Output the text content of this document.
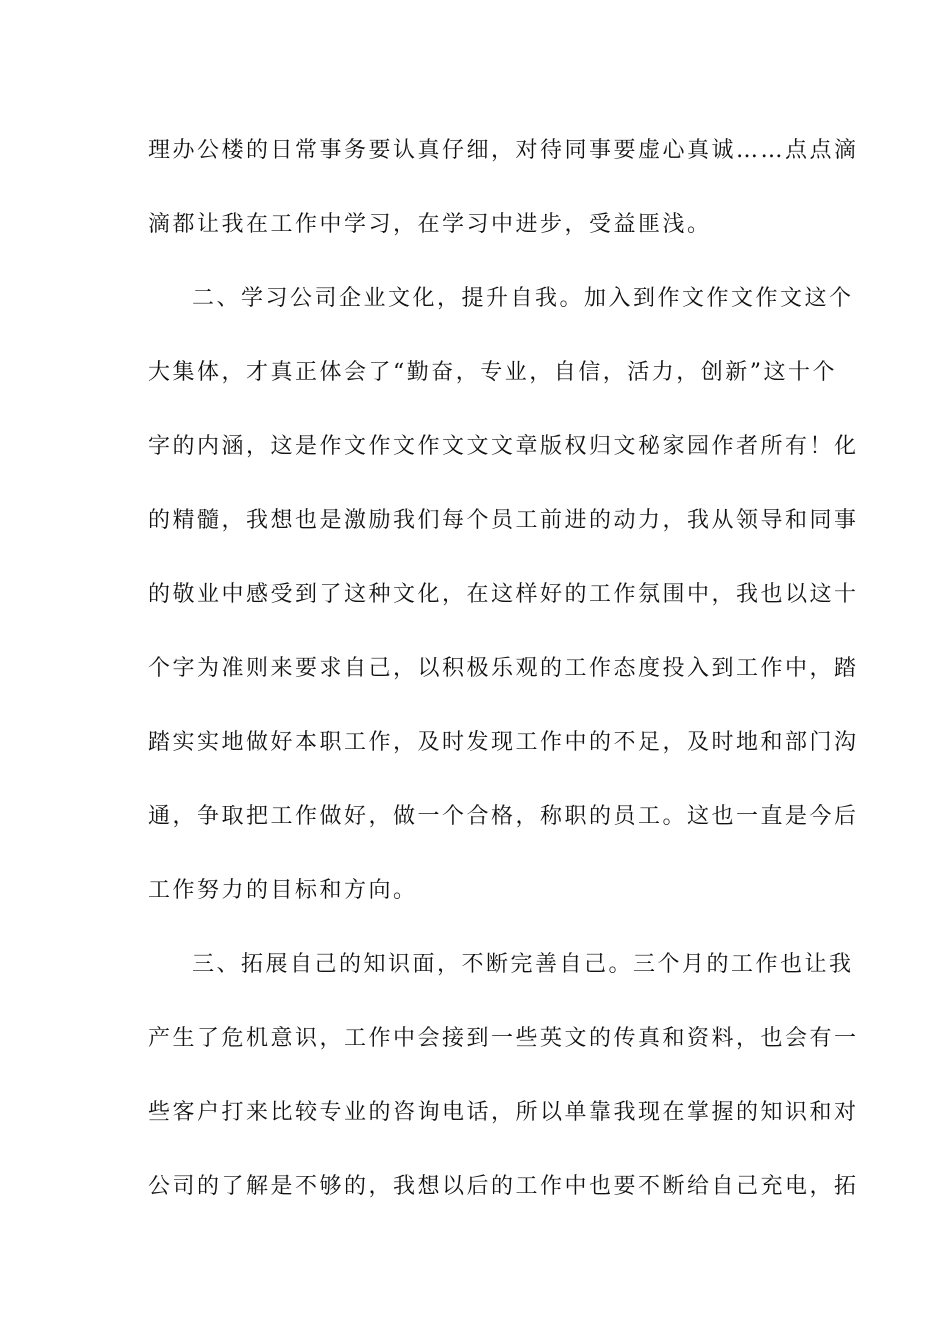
理办公楼的日常事务要认真仔细，对待同事要虚心真诚……点点滴
滴都让我在工作中学习，在学习中进步，受益匪浅。
二、学习公司企业文化，提升自我。加入到作文作文作文这个
大集体，才真正体会了“勤奋，专业，自信，活力，创新”这十个
字的内涵，这是作文作文作文文文章版权归文秘家园作者所有！化
的精髓，我想也是激励我们每个员工前进的动力，我从领导和同事
的敬业中感受到了这种文化，在这样好的工作氛围中，我也以这十
个字为准则来要求自己，以积极乐观的工作态度投入到工作中，踏
踏实实地做好本职工作，及时发现工作中的不足，及时地和部门沟
通，争取把工作做好，做一个合格，称职的员工。这也一直是今后
工作努力的目标和方向。
三、拓展自己的知识面，不断完善自己。三个月的工作也让我
产生了危机意识，工作中会接到一些英文的传真和资料，也会有一
些客户打来比较专业的咨询电话，所以单靠我现在掌握的知识和对
公司的了解是不够的，我想以后的工作中也要不断给自己充电，拓
